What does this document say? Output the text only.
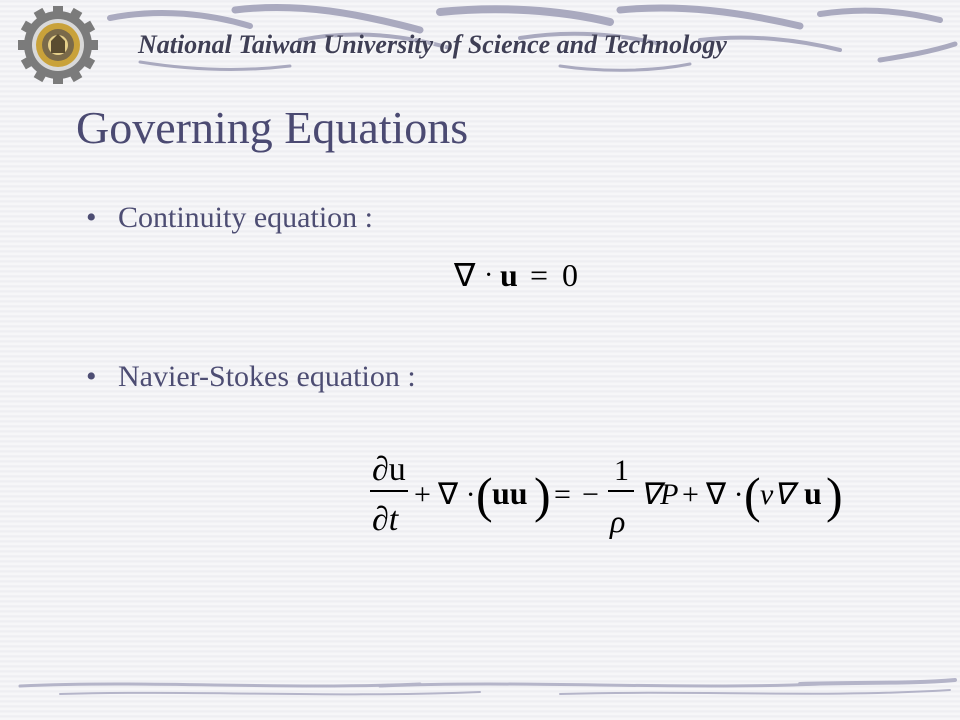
National Taiwan University of Science and Technology
Governing Equations
• Continuity equation :
∇ · u = 0
• Navier-Stokes equation :
∂u
∂t
+ ∇ · ( uu ) = −
1
ρ
∇P + ∇ · ( ν∇ u )
